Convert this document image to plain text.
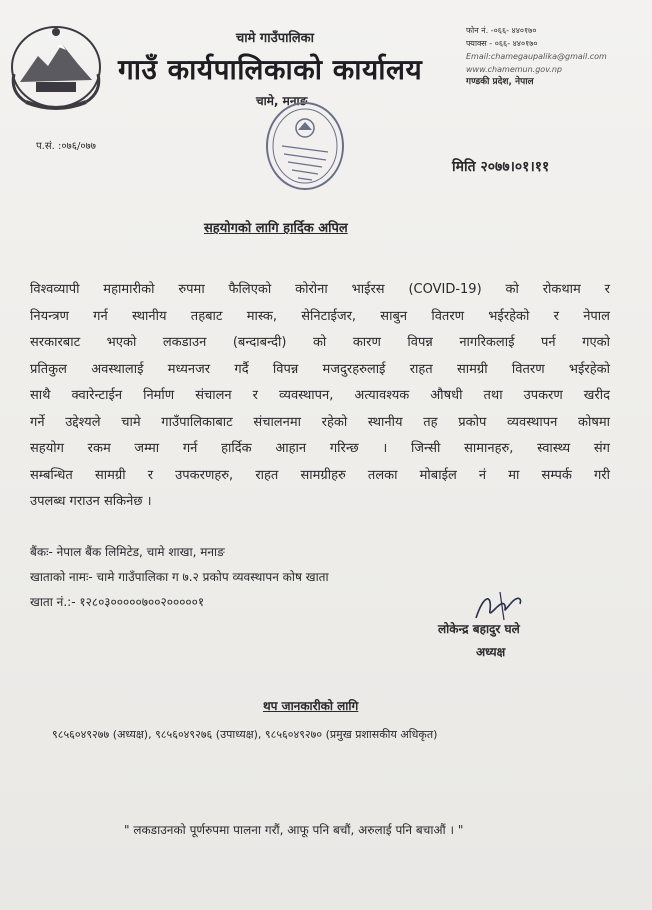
चामे गाउँपालिका
गाउँ कार्यपालिकाको कार्यालय
चामे, मनाङ
फोन नं. -०६६- ४४०१७०
फ्याक्स - ०६६- ४४०१७०
Email:chamegaupalika@gmail.com
www.chamemun.gov.np
गण्डकी प्रदेश, नेपाल
प.सं. :०७६/०७७
मिति २०७७।०१।११
सहयोगको लागि हार्दिक अपिल
विश्वव्यापी महामारीको रुपमा फैलिएको कोरोना भाईरस (COVID-19) को रोकथाम र
नियन्त्रण गर्न स्थानीय तहबाट मास्क, सेनिटाईजर, साबुन वितरण भईरहेको र नेपाल
सरकारबाट भएको लकडाउन (बन्दाबन्दी) को कारण विपन्न नागरिकलाई पर्न गएको
प्रतिकुल अवस्थालाई मध्यनजर गर्दै विपन्न मजदुरहरुलाई राहत सामग्री वितरण भईरहेको
साथै क्वारेन्टाईन निर्माण संचालन र व्यवस्थापन, अत्यावश्यक औषधी तथा उपकरण खरीद
गर्ने उद्देश्यले चामे गाउँपालिकाबाट संचालनमा रहेको स्थानीय तह प्रकोप व्यवस्थापन कोषमा
सहयोग रकम जम्मा गर्न हार्दिक आहान गरिन्छ । जिन्सी सामानहरु, स्वास्थ्य संग
सम्बन्धित सामग्री र उपकरणहरु, राहत सामग्रीहरु तलका मोबाईल नं मा सम्पर्क गरी
उपलब्ध गराउन सकिनेछ ।
बैंकः- नेपाल बैंक लिमिटेड, चामे शाखा, मनाङ
खाताको नामः- चामे गाउँपालिका ग ७.२ प्रकोप व्यवस्थापन कोष खाता
खाता नं.:- १२८०३०००००७००२०००००१
लोकेन्द्र बहादुर घले
अध्यक्ष
थप जानकारीको लागि
९८५६०४९२७७ (अध्यक्ष), ९८५६०४९२७६ (उपाध्यक्ष), ९८५६०४९२७० (प्रमुख प्रशासकीय अधिकृत)
" लकडाउनको पूर्णरुपमा पालना गरौं, आफू पनि बचौं, अरुलाई पनि बचाऔं । "
